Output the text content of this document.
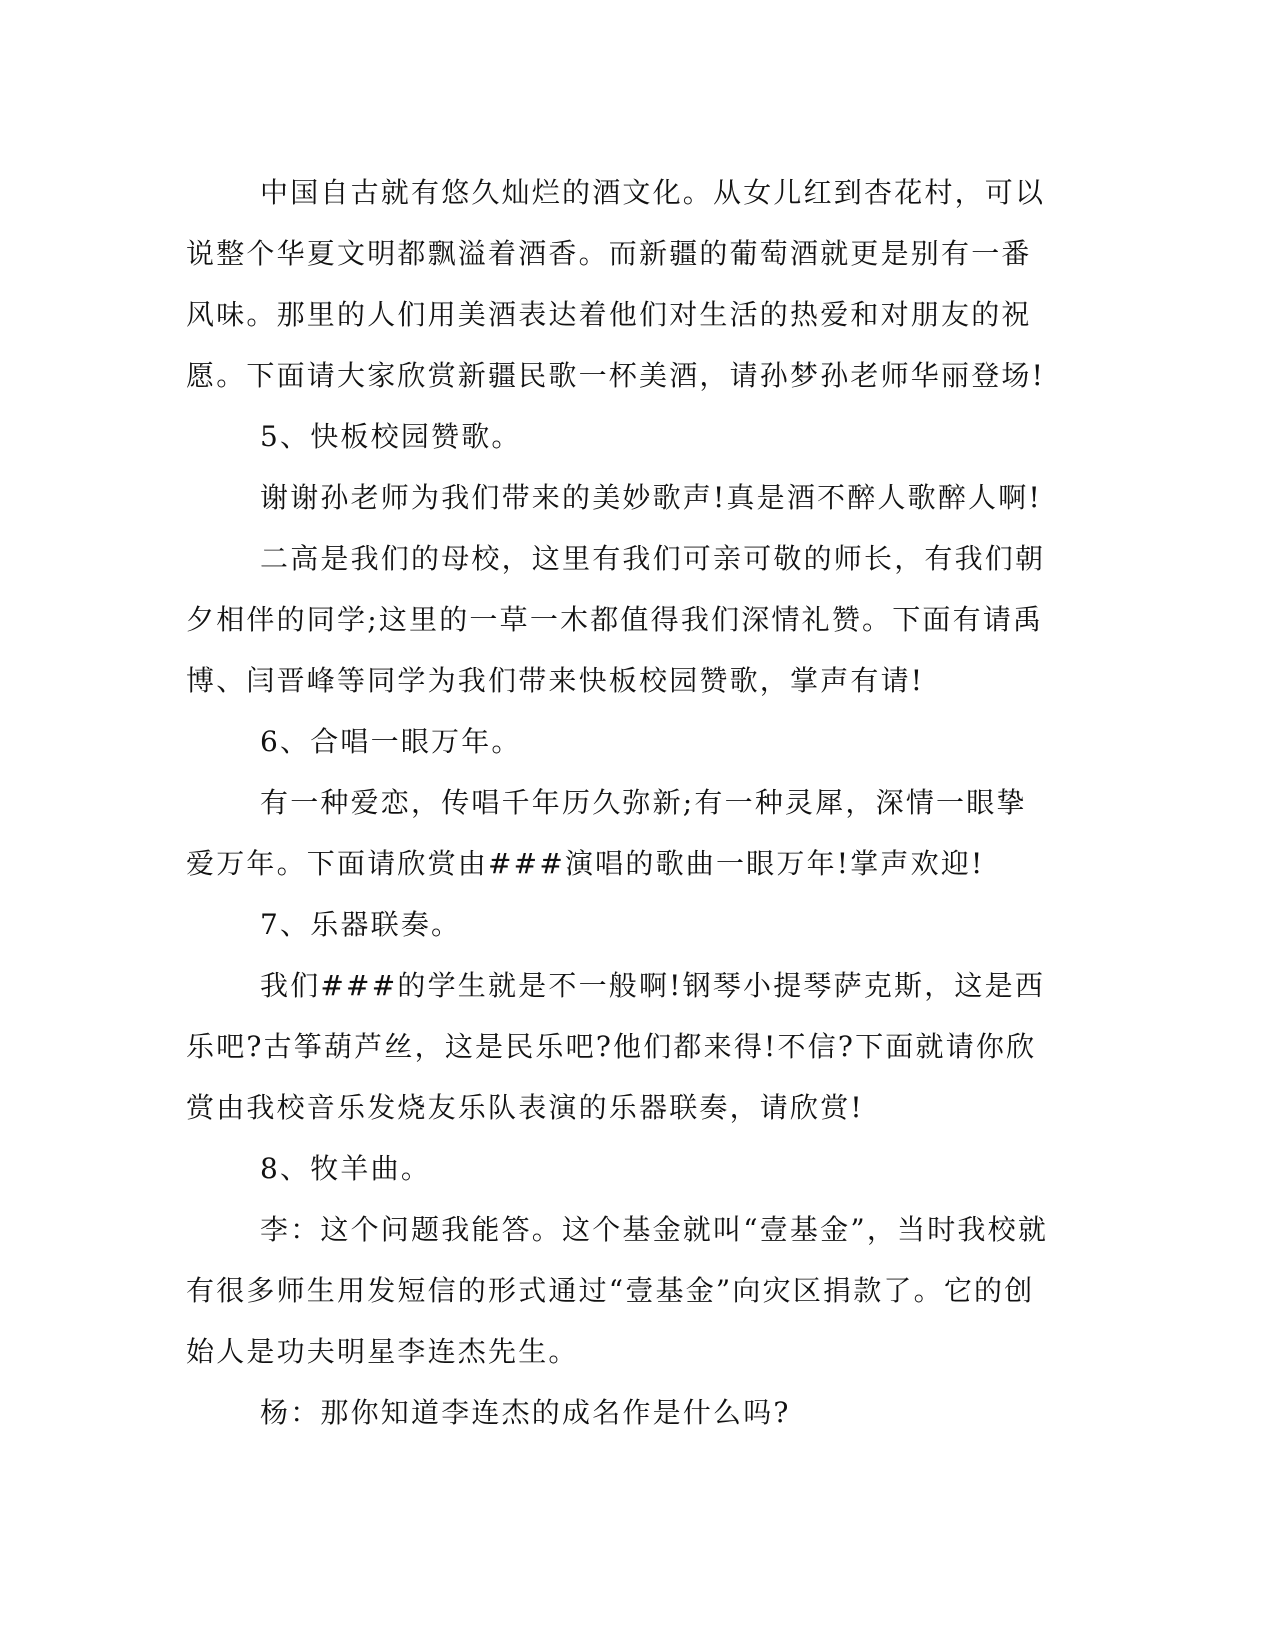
中国自古就有悠久灿烂的酒文化。从女儿红到杏花村，可以说整个华夏文明都飘溢着酒香。而新疆的葡萄酒就更是别有一番风味。那里的人们用美酒表达着他们对生活的热爱和对朋友的祝愿。下面请大家欣赏新疆民歌一杯美酒，请孙梦孙老师华丽登场!

5、快板校园赞歌。

谢谢孙老师为我们带来的美妙歌声!真是酒不醉人歌醉人啊!

二高是我们的母校，这里有我们可亲可敬的师长，有我们朝夕相伴的同学;这里的一草一木都值得我们深情礼赞。下面有请禹博、闫晋峰等同学为我们带来快板校园赞歌，掌声有请!

6、合唱一眼万年。

有一种爱恋，传唱千年历久弥新;有一种灵犀，深情一眼挚爱万年。下面请欣赏由###演唱的歌曲一眼万年!掌声欢迎!

7、乐器联奏。

我们###的学生就是不一般啊!钢琴小提琴萨克斯，这是西乐吧?古筝葫芦丝，这是民乐吧?他们都来得!不信?下面就请你欣赏由我校音乐发烧友乐队表演的乐器联奏，请欣赏!

8、牧羊曲。

李：这个问题我能答。这个基金就叫“壹基金”，当时我校就有很多师生用发短信的形式通过“壹基金”向灾区捐款了。它的创始人是功夫明星李连杰先生。

杨：那你知道李连杰的成名作是什么吗?
